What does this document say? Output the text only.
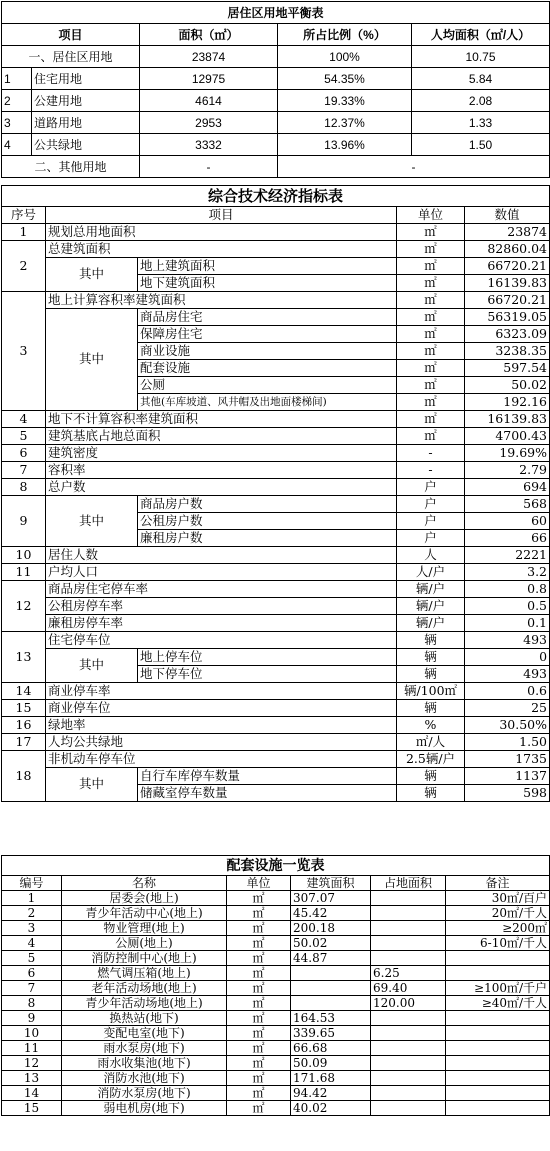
居住区用地平衡表				
项目		面积（㎡）	所占比例（%）	人均面积（㎡/人）
一、居住区用地		23874	100%	10.75
1	住宅用地	12975	54.35%	5.84
2	公建用地	4614	19.33%	2.08
3	道路用地	2953	12.37%	1.33
4	公共绿地	3332	13.96%	1.50
二、其他用地		-	-	
综合技术经济指标表				
序号	项目		单位	数值
1	规划总用地面积		㎡	23874
2	总建筑面积		㎡	82860.04
	其中	地上建筑面积	㎡	66720.21
		地下建筑面积	㎡	16139.83
3	地上计算容积率建筑面积		㎡	66720.21
	其中	商品房住宅	㎡	56319.05
		保障房住宅	㎡	6323.09
		商业设施	㎡	3238.35
		配套设施	㎡	597.54
		公厕	㎡	50.02
		其他(车库坡道、风井帽及出地面楼梯间)	㎡	192.16
4	地下不计算容积率建筑面积		㎡	16139.83
5	建筑基底占地总面积		㎡	4700.43
6	建筑密度		-	19.69%
7	容积率		-	2.79
8	总户数		户	694
9	其中	商品房户数	户	568
		公租房户数	户	60
		廉租房户数	户	66
10	居住人数		人	2221
11	户均人口		人/户	3.2
12	商品房住宅停车率		辆/户	0.8
	公租房停车率		辆/户	0.5
	廉租房停车率		辆/户	0.1
13	住宅停车位		辆	493
	其中	地上停车位	辆	0
		地下停车位	辆	493
14	商业停车率		辆/100㎡	0.6
15	商业停车位		辆	25
16	绿地率		%	30.50%
17	人均公共绿地		㎡/人	1.50
18	非机动车停车位		2.5辆/户	1735
	其中	自行车库停车数量	辆	1137
		储藏室停车数量	辆	598
配套设施一览表					
编号	名称	单位	建筑面积	占地面积	备注
1	居委会(地上)	㎡	307.07		30㎡/百户
2	青少年活动中心(地上)	㎡	45.42		20㎡/千人
3	物业管理(地上)	㎡	200.18		≥200㎡
4	公厕(地上)	㎡	50.02		6-10㎡/千人
5	消防控制中心(地上)	㎡	44.87		
6	燃气调压箱(地上)	㎡		6.25	
7	老年活动场地(地上)	㎡		69.40	≥100㎡/千户
8	青少年活动场地(地上)	㎡		120.00	≥40㎡/千人
9	换热站(地下)	㎡	164.53		
10	变配电室(地下)	㎡	339.65		
11	雨水泵房(地下)	㎡	66.68		
12	雨水收集池(地下)	㎡	50.09		
13	消防水池(地下)	㎡	171.68		
14	消防水泵房(地下)	㎡	94.42		
15	弱电机房(地下)	㎡	40.02		
